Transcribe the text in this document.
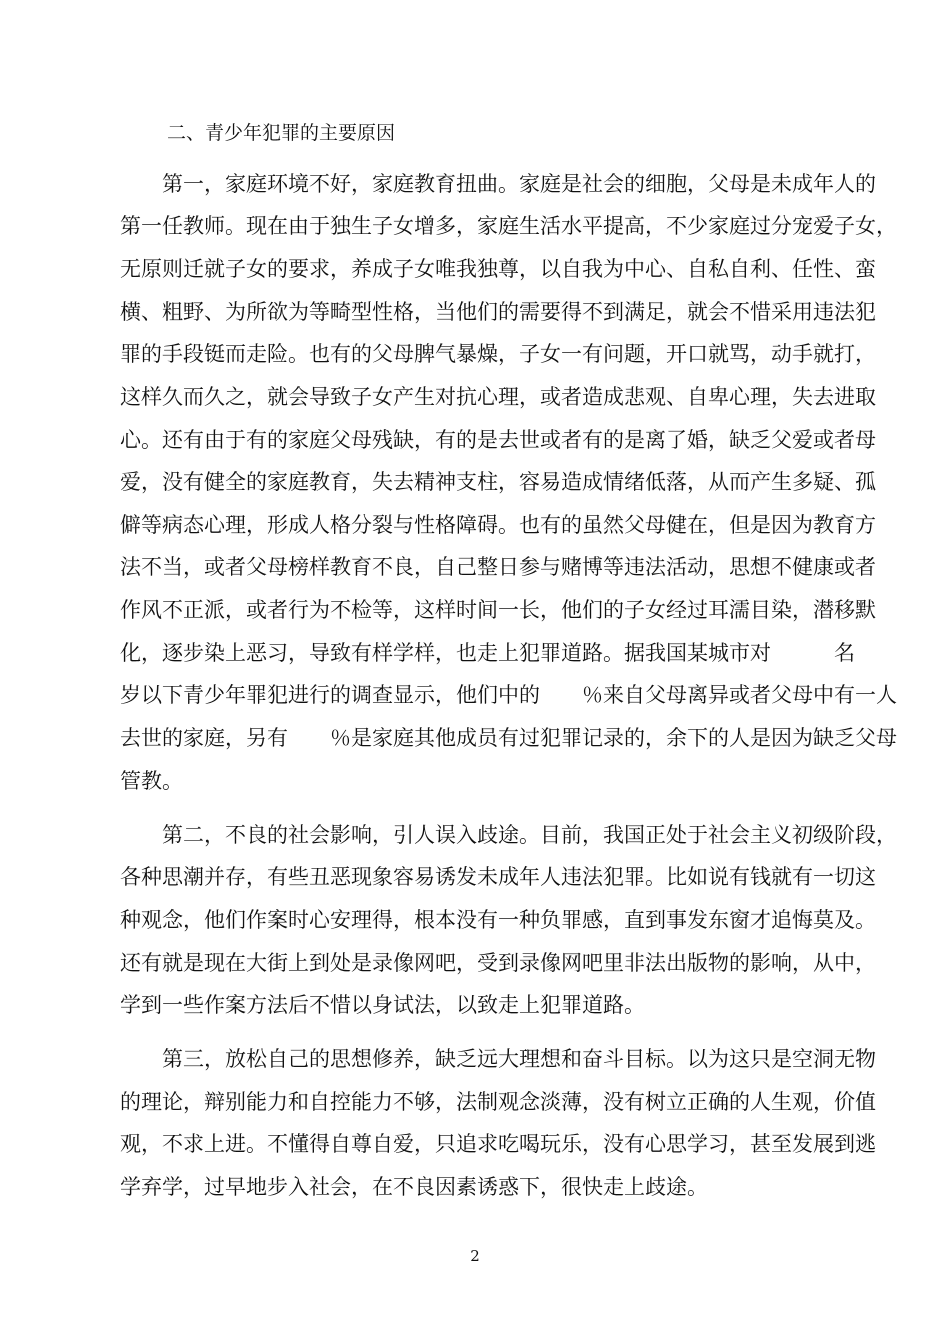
二、青少年犯罪的主要原因
第一，家庭环境不好，家庭教育扭曲。家庭是社会的细胞，父母是未成年人的
第一任教师。现在由于独生子女增多，家庭生活水平提高，不少家庭过分宠爱子女，
无原则迁就子女的要求，养成子女唯我独尊，以自我为中心、自私自利、任性、蛮
横、粗野、为所欲为等畸型性格，当他们的需要得不到满足，就会不惜采用违法犯
罪的手段铤而走险。也有的父母脾气暴燥，子女一有问题，开口就骂，动手就打，
这样久而久之，就会导致子女产生对抗心理，或者造成悲观、自卑心理，失去进取
心。还有由于有的家庭父母残缺，有的是去世或者有的是离了婚，缺乏父爱或者母
爱，没有健全的家庭教育，失去精神支柱，容易造成情绪低落，从而产生多疑、孤
僻等病态心理，形成人格分裂与性格障碍。也有的虽然父母健在，但是因为教育方
法不当，或者父母榜样教育不良，自己整日参与赌博等违法活动，思想不健康或者
作风不正派，或者行为不检等，这样时间一长，他们的子女经过耳濡目染，潜移默
化，逐步染上恶习，导致有样学样，也走上犯罪道路。据我国某城市对　　　名
岁以下青少年罪犯进行的调查显示，他们中的　　％来自父母离异或者父母中有一人
去世的家庭，另有　　％是家庭其他成员有过犯罪记录的，余下的人是因为缺乏父母
管教。
第二，不良的社会影响，引人误入歧途。目前，我国正处于社会主义初级阶段，
各种思潮并存，有些丑恶现象容易诱发未成年人违法犯罪。比如说有钱就有一切这
种观念，他们作案时心安理得，根本没有一种负罪感，直到事发东窗才追悔莫及。
还有就是现在大街上到处是录像网吧，受到录像网吧里非法出版物的影响，从中，
学到一些作案方法后不惜以身试法，以致走上犯罪道路。
第三，放松自己的思想修养，缺乏远大理想和奋斗目标。以为这只是空洞无物
的理论，辩别能力和自控能力不够，法制观念淡薄，没有树立正确的人生观，价值
观，不求上进。不懂得自尊自爱，只追求吃喝玩乐，没有心思学习，甚至发展到逃
学弃学，过早地步入社会，在不良因素诱惑下，很快走上歧途。
2
